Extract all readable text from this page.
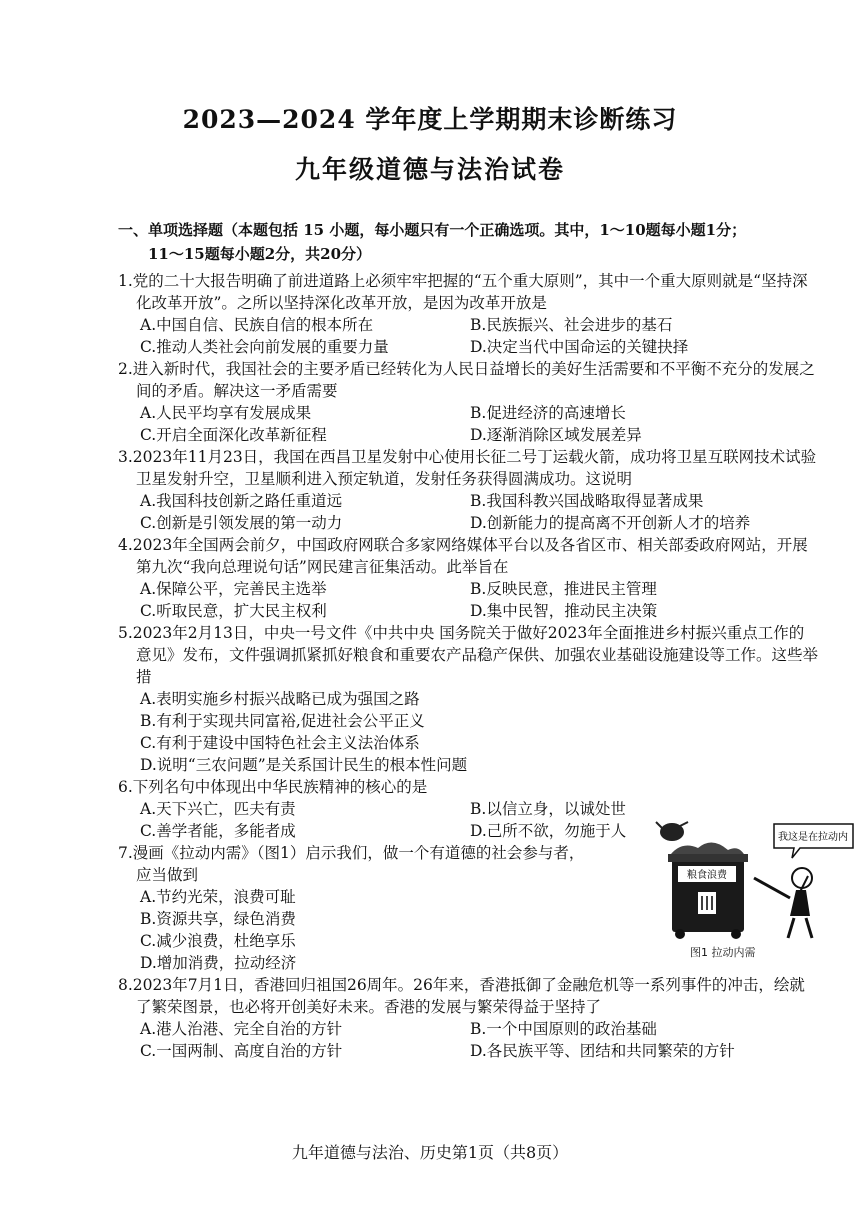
2023—2024 学年度上学期期末诊断练习
九年级道德与法治试卷
一、单项选择题（本题包括 15 小题，每小题只有一个正确选项。其中，1～10题每小题1分；
11～15题每小题2分，共20分）
1.党的二十大报告明确了前进道路上必须牢牢把握的“五个重大原则”，其中一个重大原则就是“坚持深化改革开放”。之所以坚持深化改革开放，是因为改革开放是
A.中国自信、民族自信的根本所在	B.民族振兴、社会进步的基石
C.推动人类社会向前发展的重要力量	D.决定当代中国命运的关键抉择
2.进入新时代，我国社会的主要矛盾已经转化为人民日益增长的美好生活需要和不平衡不充分的发展之间的矛盾。解决这一矛盾需要
A.人民平均享有发展成果	B.促进经济的高速增长
C.开启全面深化改革新征程	D.逐渐消除区域发展差异
3.2023年11月23日，我国在西昌卫星发射中心使用长征二号丁运载火箭，成功将卫星互联网技术试验卫星发射升空，卫星顺利进入预定轨道，发射任务获得圆满成功。这说明
A.我国科技创新之路任重道远	B.我国科教兴国战略取得显著成果
C.创新是引领发展的第一动力	D.创新能力的提高离不开创新人才的培养
4.2023年全国两会前夕，中国政府网联合多家网络媒体平台以及各省区市、相关部委政府网站，开展第九次“我向总理说句话”网民建言征集活动。此举旨在
A.保障公平，完善民主选举	B.反映民意，推进民主管理
C.听取民意，扩大民主权利	D.集中民智，推动民主决策
5.2023年2月13日，中央一号文件《中共中央 国务院关于做好2023年全面推进乡村振兴重点工作的意见》发布，文件强调抓紧抓好粮食和重要农产品稳产保供、加强农业基础设施建设等工作。这些举措
A.表明实施乡村振兴战略已成为强国之路
B.有利于实现共同富裕,促进社会公平正义
C.有利于建设中国特色社会主义法治体系
D.说明“三农问题”是关系国计民生的根本性问题
6.下列名句中体现出中华民族精神的核心的是
A.天下兴亡，匹夫有责	B.以信立身，以诚处世
C.善学者能，多能者成	D.己所不欲，勿施于人
7.漫画《拉动内需》（图1）启示我们，做一个有道德的社会参与者，应当做到
A.节约光荣，浪费可耻
B.资源共享，绿色消费
C.减少浪费，杜绝享乐
D.增加消费，拉动经济
8.2023年7月1日，香港回归祖国26周年。26年来，香港抵御了金融危机等一系列事件的冲击，绘就了繁荣图景，也必将开创美好未来。香港的发展与繁荣得益于坚持了
A.港人治港、完全自治的方针	B.一个中国原则的政治基础
C.一国两制、高度自治的方针	D.各民族平等、团结和共同繁荣的方针
粮食浪费
我这是在拉动内
图1 拉动内需
九年道德与法治、历史第1页（共8页）
